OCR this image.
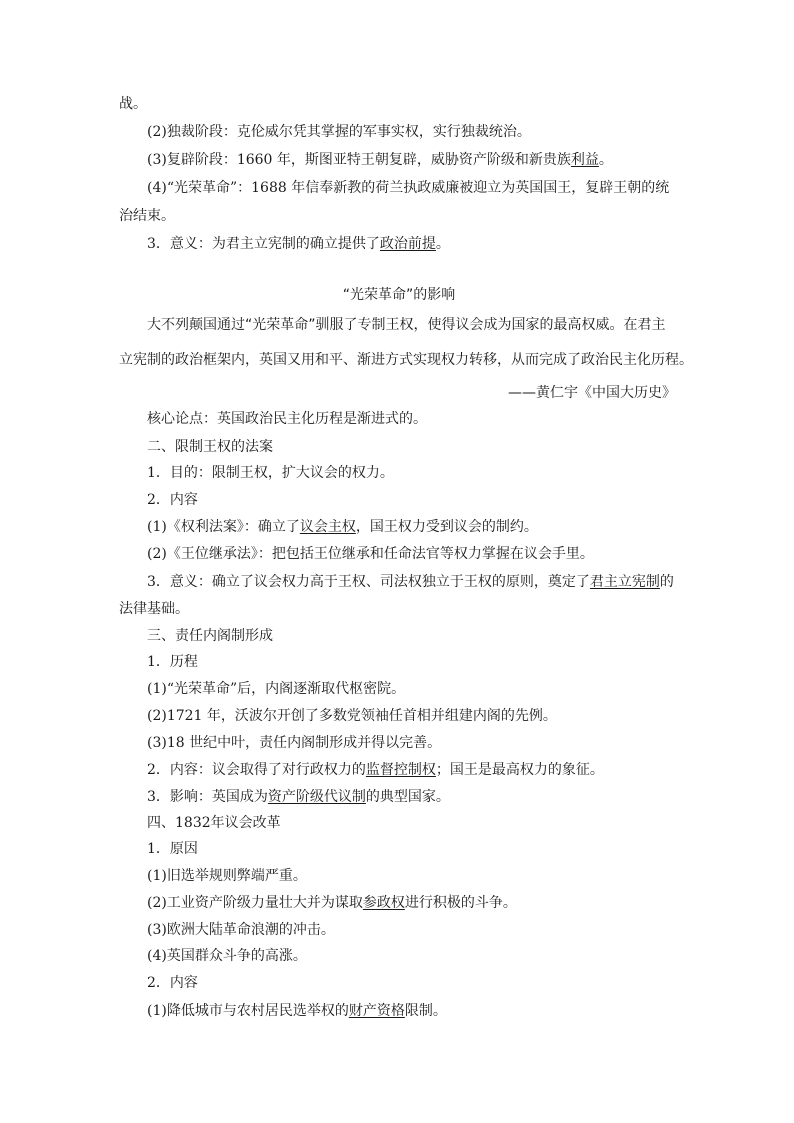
战。
(2)独裁阶段：克伦威尔凭其掌握的军事实权，实行独裁统治。
(3)复辟阶段：1660 年，斯图亚特王朝复辟，威胁资产阶级和新贵族利益。
(4)“光荣革命”：1688 年信奉新教的荷兰执政威廉被迎立为英国国王，复辟王朝的统
治结束。
3．意义：为君主立宪制的确立提供了政治前提。
“光荣革命”的影响
大不列颠国通过“光荣革命”驯服了专制王权，使得议会成为国家的最高权威。在君主
立宪制的政治框架内，英国又用和平、渐进方式实现权力转移，从而完成了政治民主化历程。
——黄仁宇《中国大历史》
核心论点：英国政治民主化历程是渐进式的。
二、限制王权的法案
1．目的：限制王权，扩大议会的权力。
2．内容
(1)《权利法案》：确立了议会主权，国王权力受到议会的制约。
(2)《王位继承法》：把包括王位继承和任命法官等权力掌握在议会手里。
3．意义：确立了议会权力高于王权、司法权独立于王权的原则，奠定了君主立宪制的
法律基础。
三、责任内阁制形成
1．历程
(1)“光荣革命”后，内阁逐渐取代枢密院。
(2)1721 年，沃波尔开创了多数党领袖任首相并组建内阁的先例。
(3)18 世纪中叶，责任内阁制形成并得以完善。
2．内容：议会取得了对行政权力的监督控制权；国王是最高权力的象征。
3．影响：英国成为资产阶级代议制的典型国家。
四、1832年议会改革
1．原因
(1)旧选举规则弊端严重。
(2)工业资产阶级力量壮大并为谋取参政权进行积极的斗争。
(3)欧洲大陆革命浪潮的冲击。
(4)英国群众斗争的高涨。
2．内容
(1)降低城市与农村居民选举权的财产资格限制。
